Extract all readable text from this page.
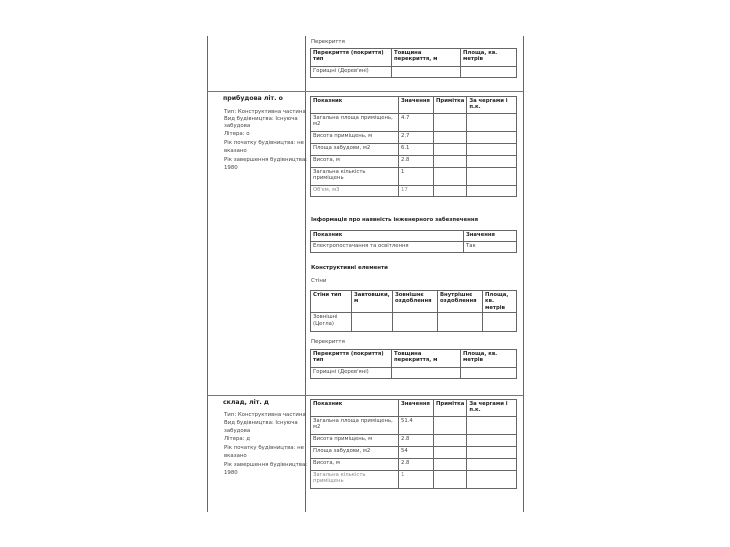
Перекриття
Перекриття (покриття) тип	Товщина перекриття, м	Площа, кв. метрів
Горищні (Дерев'яні)		
прибудова літ. о
Тип: Конструктивна частина
Вид будівництва: Існуюча
забудова
Літера: о
Рік початку будівництва: не
вказано
Рік завершення будівництва:
1980
Показник	Значення	Примітка	За чергами і п.к.
Загальна площа приміщень, м2	4.7		
Висота приміщень, м	2.7		
Площа забудови, м2	6.1		
Висота, м	2.8		
Загальна кількість приміщень	1		
Об'єм, м3	17		
Інформація про наявність інженерного забезпечення
Показник	Значення
Електропостачання та освітлення	Так
Конструктивні елементи
Стіни
Стіни тип	Завтовшки, м	Зовнішнє оздоблення	Внутрішнє оздоблення	Площа, кв. метрів
Зовнішні (Цегла)				
Перекриття
Перекриття (покриття) тип	Товщина перекриття, м	Площа, кв. метрів
Горищні (Дерев'яні)		
склад, літ. д
Тип: Конструктивна частина
Вид будівництва: Існуюча
забудова
Літера: д
Рік початку будівництва: не
вказано
Рік завершення будівництва:
1980
Показник	Значення	Примітка	За чергами і п.к.
Загальна площа приміщень, м2	51.4		
Висота приміщень, м	2.8		
Площа забудови, м2	54		
Висота, м	2.8		
Загальна кількість приміщень	1		
